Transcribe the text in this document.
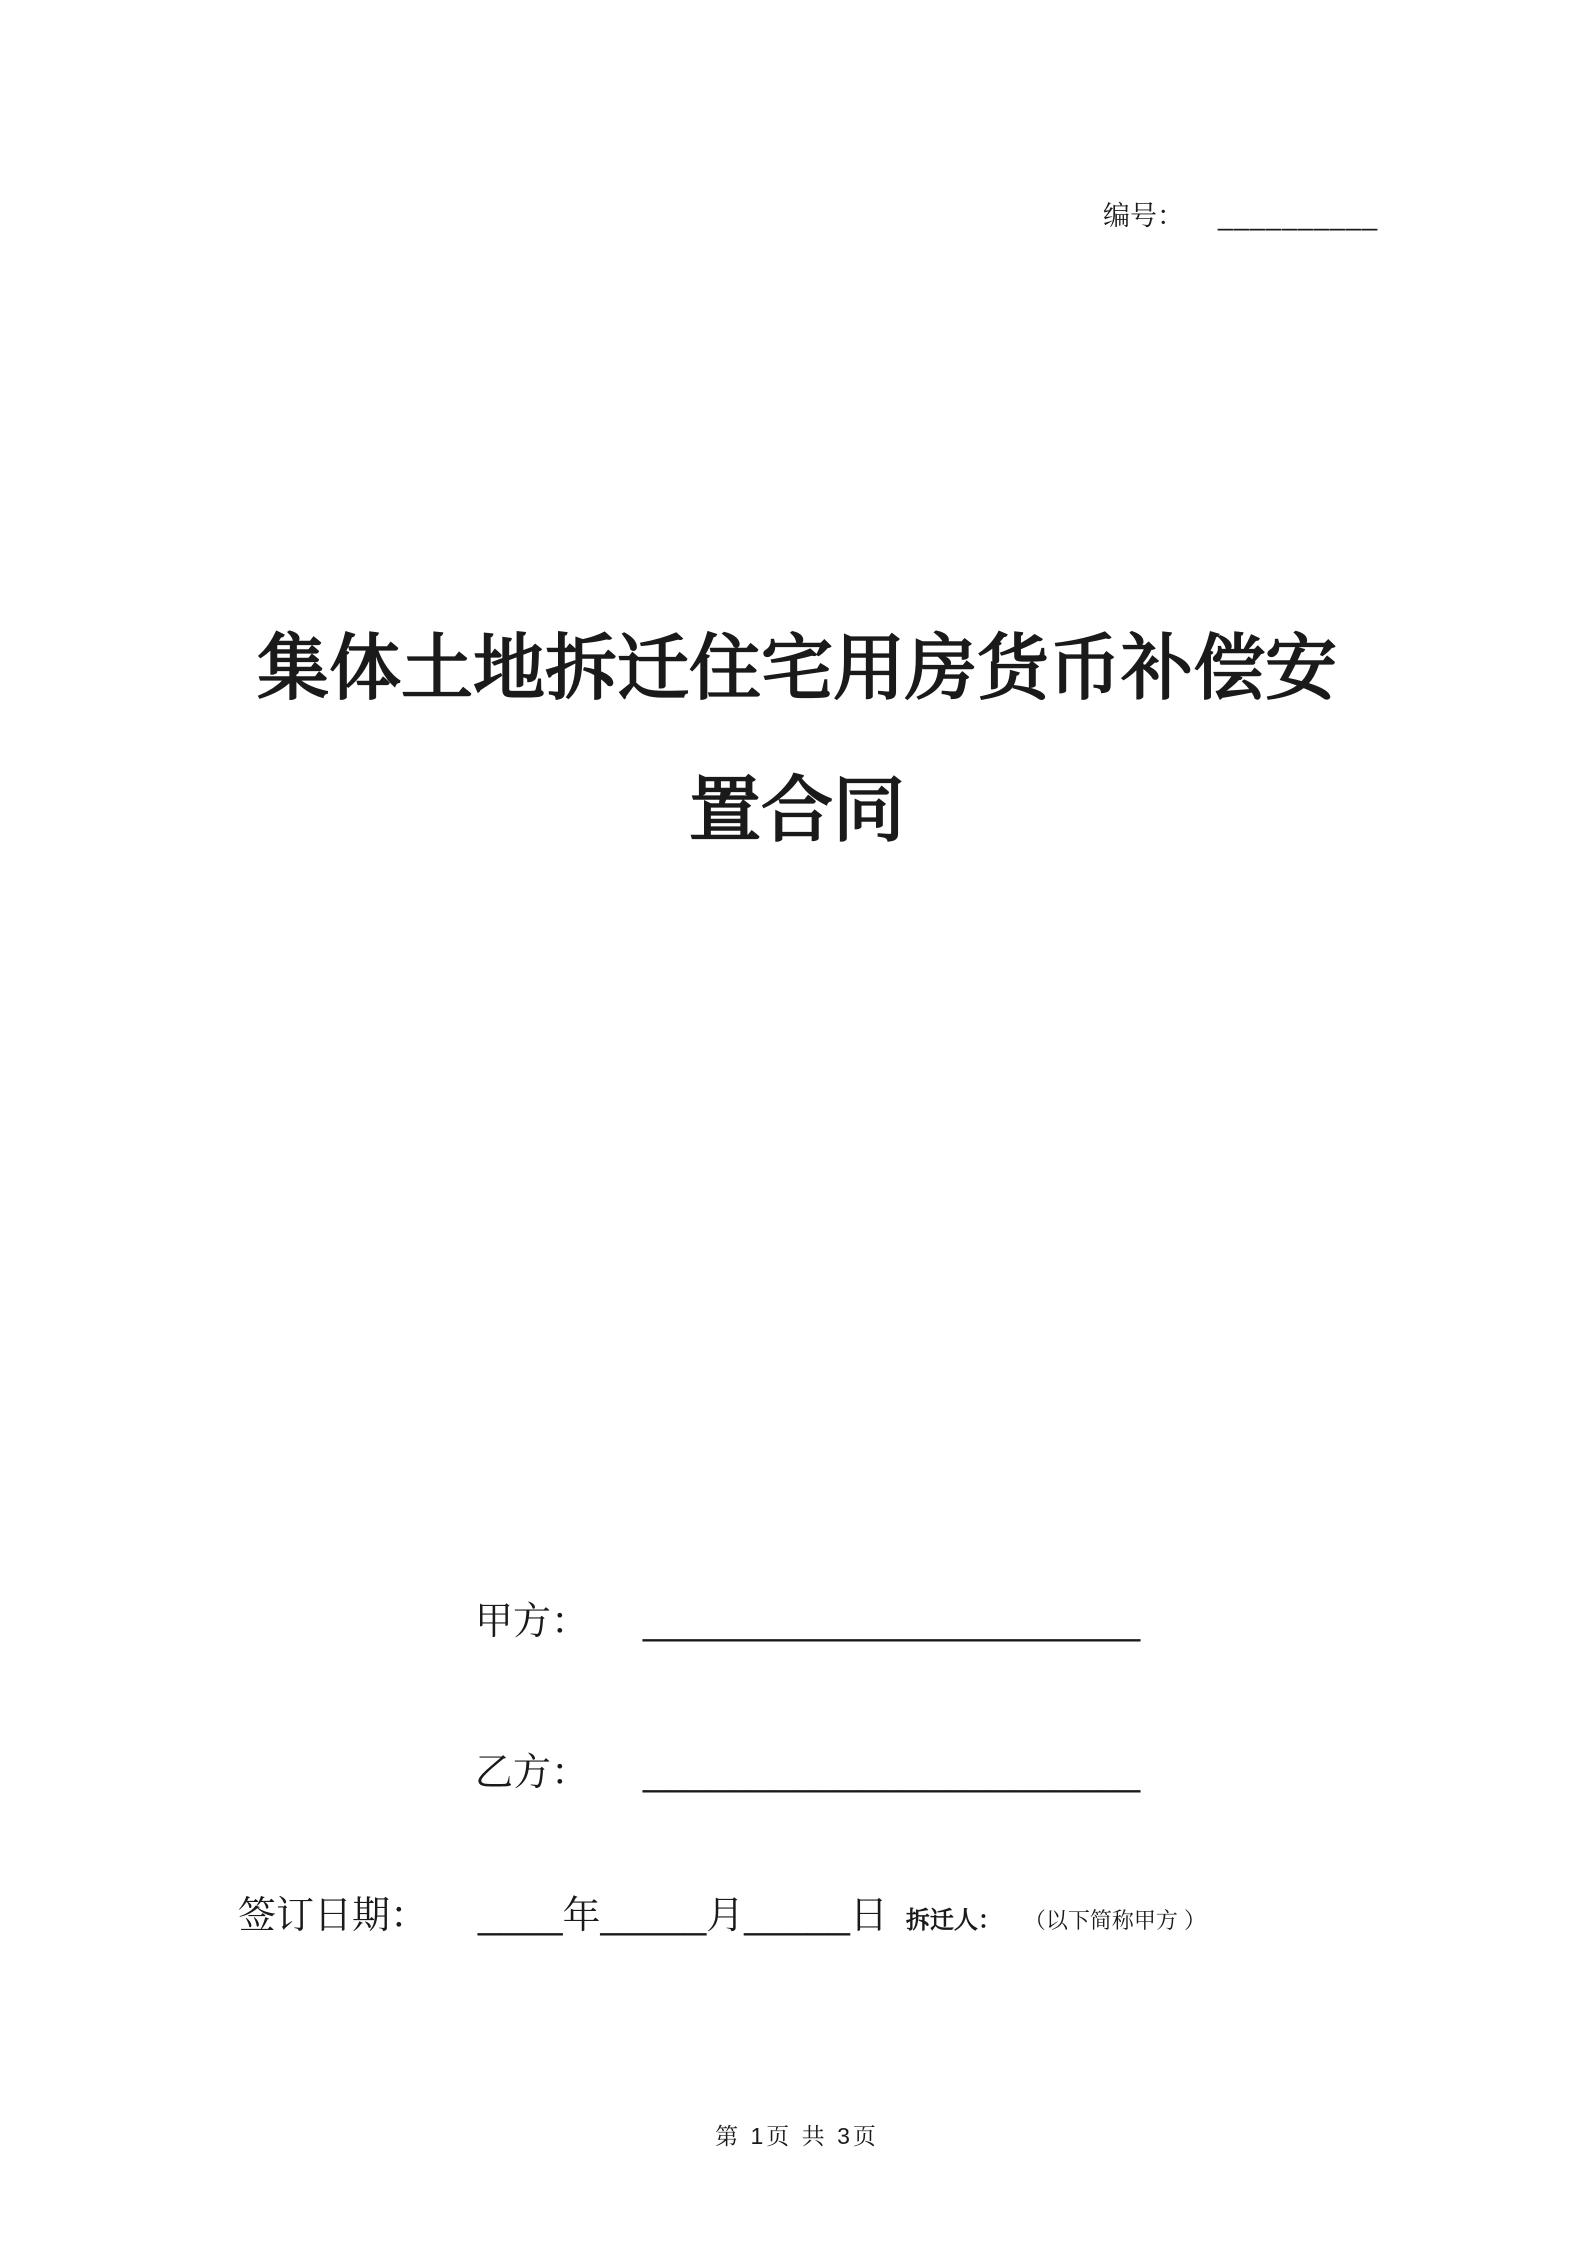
编号： __________
集体土地拆迁住宅用房货币补偿安
置合同
甲方： _______________________
乙方： _______________________
签订日期： ____年_____月_____日 拆迁人： （以下简称甲方 ）
第 1页 共 3页
